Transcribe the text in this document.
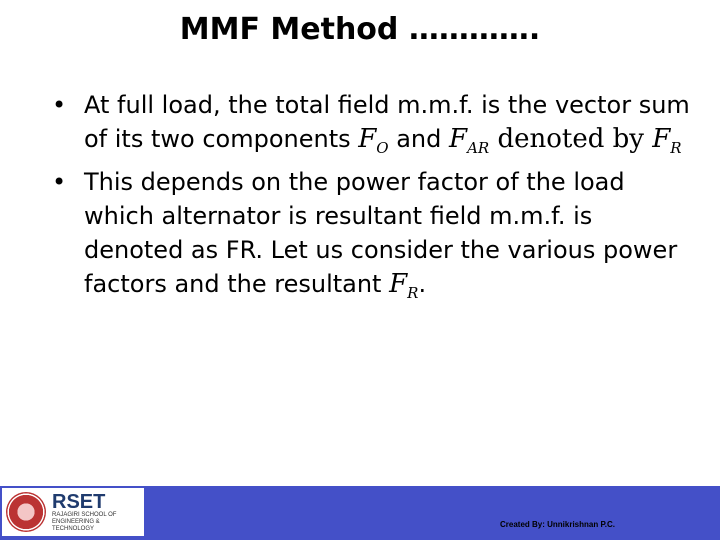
MMF Method ………….
• At full load, the total field m.m.f. is the vector sum of its two components $F_O$ and $F_{AR}$ denoted by $F_R$
• This depends on the power factor of the load which alternator is resultant field m.m.f. is denoted as FR. Let us consider the various power factors and the resultant $F_R$.
RSET
RAJAGIRI SCHOOL OF ENGINEERING & TECHNOLOGY	Created By: Unnikrishnan P.C.
